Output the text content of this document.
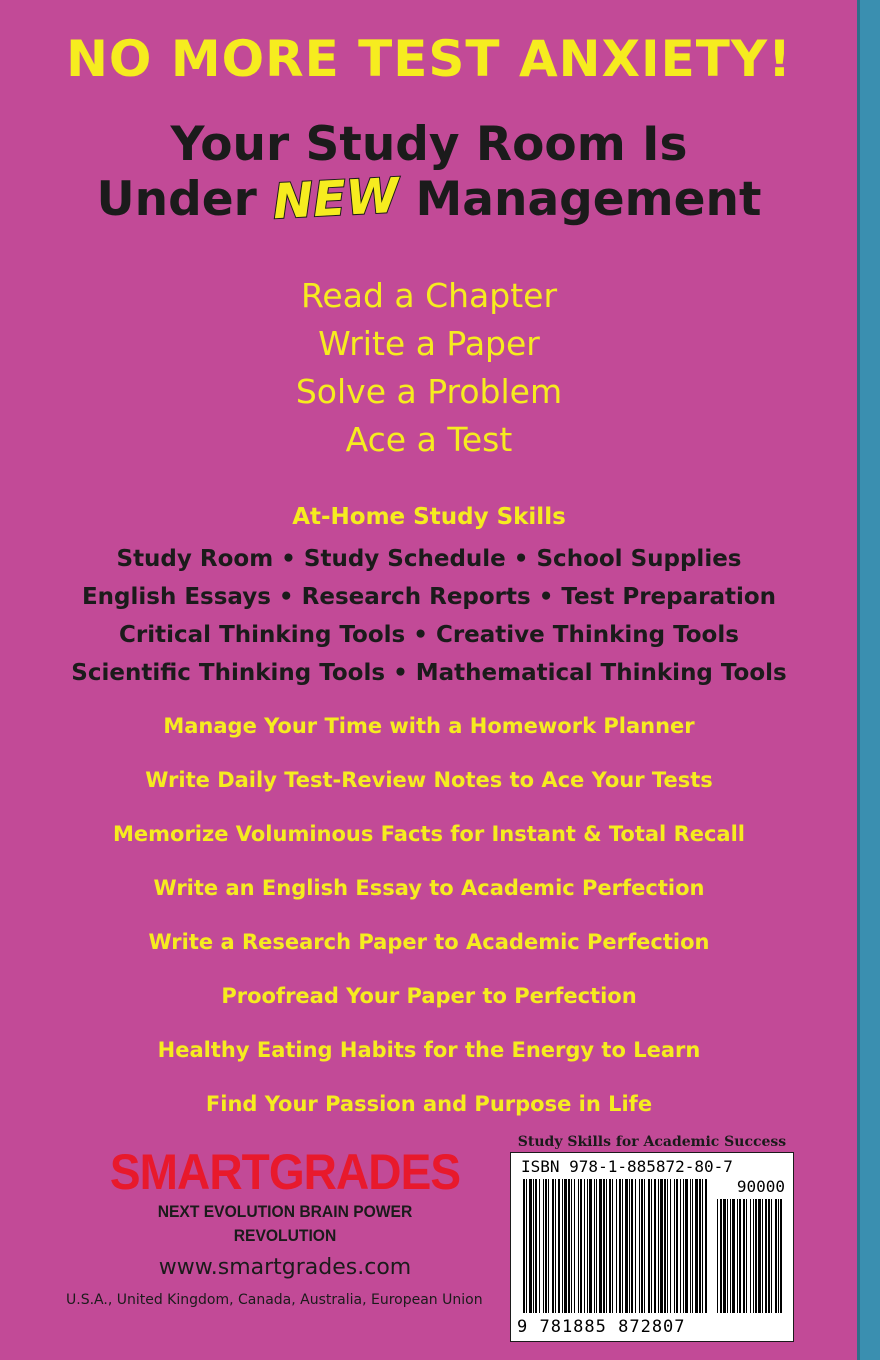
NO MORE TEST ANXIETY!
Your Study Room Is
Under NEW Management
Read a Chapter
Write a Paper
Solve a Problem
Ace a Test
At-Home Study Skills
Study Room • Study Schedule • School Supplies
English Essays • Research Reports • Test Preparation
Critical Thinking Tools • Creative Thinking Tools
Scientific Thinking Tools • Mathematical Thinking Tools
Manage Your Time with a Homework Planner
Write Daily Test-Review Notes to Ace Your Tests
Memorize Voluminous Facts for Instant & Total Recall
Write an English Essay to Academic Perfection
Write a Research Paper to Academic Perfection
Proofread Your Paper to Perfection
Healthy Eating Habits for the Energy to Learn
Find Your Passion and Purpose in Life
SMARTGRADES
NEXT EVOLUTION BRAIN POWER REVOLUTION
www.smartgrades.com
U.S.A., United Kingdom, Canada, Australia, European Union
Study Skills for Academic Success
ISBN 978-1-885872-80-7
90000
9 781885 872807
